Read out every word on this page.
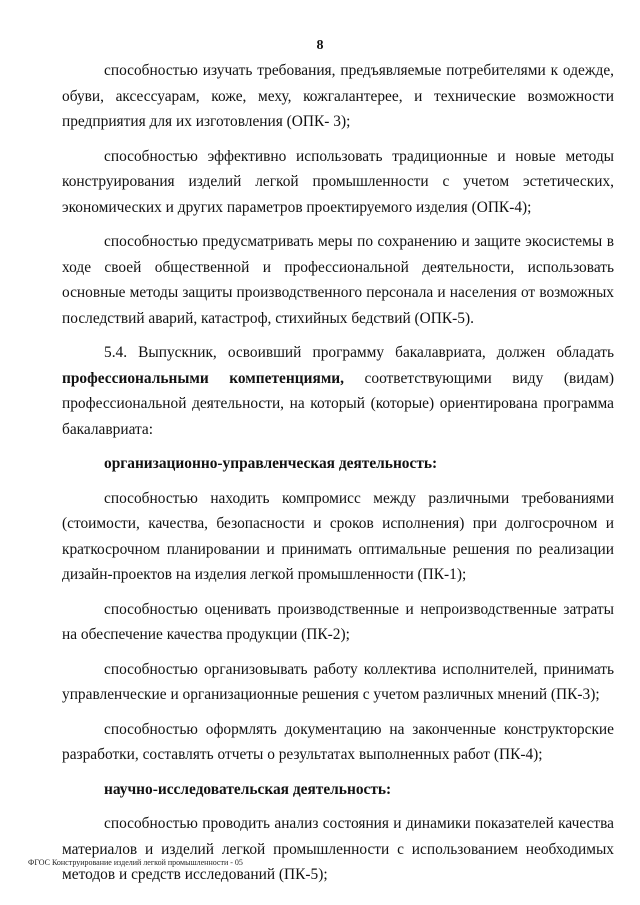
8

способностью изучать требования, предъявляемые потребителями к одежде, обуви, аксессуарам, коже, меху, кожгалантерее, и технические возможности предприятия для их изготовления (ОПК- 3);

способностью эффективно использовать традиционные и новые методы конструирования изделий легкой промышленности с учетом эстетических, экономических и других параметров проектируемого изделия (ОПК-4);

способностью предусматривать меры по сохранению и защите экосистемы в ходе своей общественной и профессиональной деятельности, использовать основные методы защиты производственного персонала и населения от возможных последствий аварий, катастроф, стихийных бедствий (ОПК-5).

5.4. Выпускник, освоивший программу бакалавриата, должен обладать профессиональными компетенциями, соответствующими виду (видам) профессиональной деятельности, на который (которые) ориентирована программа бакалавриата:

организационно-управленческая деятельность:

способностью находить компромисс между различными требованиями (стоимости, качества, безопасности и сроков исполнения) при долгосрочном и краткосрочном планировании и принимать оптимальные решения по реализации дизайн-проектов на изделия легкой промышленности (ПК-1);

способностью оценивать производственные и непроизводственные затраты на обеспечение качества продукции (ПК-2);

способностью организовывать работу коллектива исполнителей, принимать управленческие и организационные решения с учетом различных мнений (ПК-3);

способностью оформлять документацию на законченные конструкторские разработки, составлять отчеты о результатах выполненных работ (ПК-4);

научно-исследовательская деятельность:

способностью проводить анализ состояния и динамики показателей качества материалов и изделий легкой промышленности с использованием необходимых методов и средств исследований (ПК-5);

ФГОС Конструирование изделий легкой промышленности - 05
